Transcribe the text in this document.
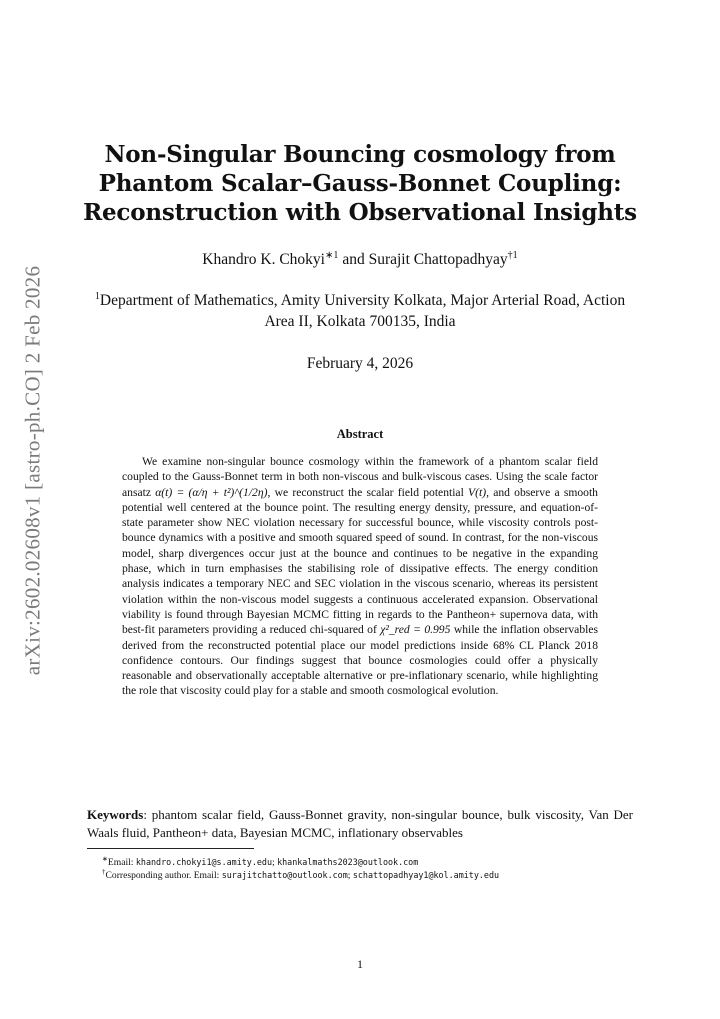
arXiv:2602.02608v1 [astro-ph.CO] 2 Feb 2026
Non-Singular Bouncing cosmology from
Phantom Scalar–Gauss-Bonnet Coupling:
Reconstruction with Observational Insights
Khandro K. Chokyi$^{∗1}$ and Surajit Chattopadhyay$^{\dagger 1}$
$^1$Department of Mathematics, Amity University Kolkata, Major Arterial Road, Action Area II, Kolkata 700135, India
February 4, 2026
Abstract
We examine non-singular bounce cosmology within the framework of a phantom scalar field coupled to the Gauss-Bonnet term in both non-viscous and bulk-viscous cases. Using the scale factor ansatz α(t) = (α/η + t²)^(1/2η), we reconstruct the scalar field potential V(t), and observe a smooth potential well centered at the bounce point. The resulting energy density, pressure, and equation-of-state parameter show NEC violation necessary for successful bounce, while viscosity controls post-bounce dynamics with a positive and smooth squared speed of sound. In contrast, for the non-viscous model, sharp divergences occur just at the bounce and continues to be negative in the expanding phase, which in turn emphasises the stabilising role of dissipative effects. The energy condition analysis indicates a temporary NEC and SEC violation in the viscous scenario, whereas its persistent violation within the non-viscous model suggests a continuous accelerated expansion. Observational viability is found through Bayesian MCMC fitting in regards to the Pantheon+ supernova data, with best-fit parameters providing a reduced chi-squared of χ²_red = 0.995 while the inflation observables derived from the reconstructed potential place our model predictions inside 68% CL Planck 2018 confidence contours. Our findings suggest that bounce cosmologies could offer a physically reasonable and observationally acceptable alternative or pre-inflationary scenario, while highlighting the role that viscosity could play for a stable and smooth cosmological evolution.
Keywords: phantom scalar field, Gauss-Bonnet gravity, non-singular bounce, bulk viscosity, Van Der Waals fluid, Pantheon+ data, Bayesian MCMC, inflationary observables
∗Email: khandro.chokyi1@s.amity.edu; khankalmaths2023@outlook.com
†Corresponding author. Email: surajitchatto@outlook.com; schattopadhyay1@kol.amity.edu
1
